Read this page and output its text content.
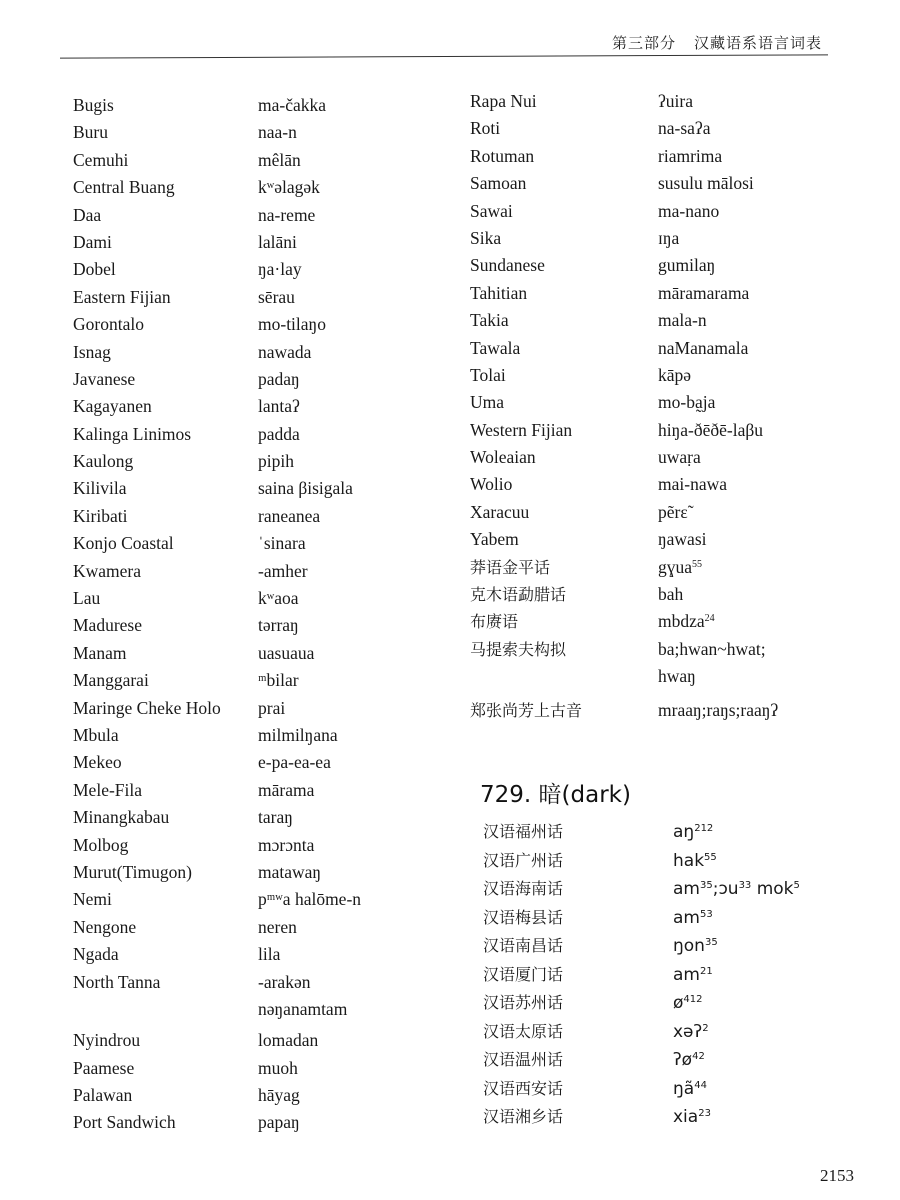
第三部分 汉藏语系语言词表
Bugis	ma-čakka
Buru	naa-n
Cemuhi	mêlān
Central Buang	kʷəlagək
Daa	na-reme
Dami	lalāni
Dobel	ŋa·lay
Eastern Fijian	sērau
Gorontalo	mo-tilaŋo
Isnag	nawada
Javanese	padaŋ
Kagayanen	lantaʔ
Kalinga Linimos	padda
Kaulong	pipih
Kilivila	saina βisigala
Kiribati	raneanea
Konjo Coastal	ˈsinara
Kwamera	-amher
Lau	kʷaoa
Madurese	tərraŋ
Manam	uasuaua
Manggarai	ᵐbilar
Maringe Cheke Holo prai
Mbula	milmilŋana
Mekeo	e-pa-ea-ea
Mele-Fila	mārama
Minangkabau	taraŋ
Molbog	mɔrɔnta
Murut(Timugon)	matawaŋ
Nemi	pᵐʷa halōme-n
Nengone	neren
Ngada	lila
North Tanna	-arakən
nəŋanamtam
Nyindrou	lomadan
Paamese	muoh
Palawan	hāyag
Port Sandwich	papaŋ
Rapa Nui	ʔuira
Roti	na-saʔa
Rotuman	riamrima
Samoan	susulu mālosi
Sawai	ma-nano
Sika	ɪŋa
Sundanese	gumilaŋ
Tahitian	māramarama
Takia	mala-n
Tawala	naManamala
Tolai	kāpə
Uma	mo-ba̰ja
Western Fijian	hiŋa-ðēðē-laβu
Woleaian	uwaṛa
Wolio	mai-nawa
Xaracuu	pẽrɛ̃
Yabem	ŋawasi
莽语金平话	gɣua$^{55}$
克木语勐腊话	bah
布赓语	mbdza$^{24}$
马提索夫构拟	ba;hwan~hwat;
hwaŋ
郑张尚芳上古音	mraaŋ;raŋs;raaŋʔ
729. 暗(dark)
汉语福州话	$aŋ^{212}$
汉语广州话	hak$^{55}$
汉语海南话	$am^{35};ɔu^{33}$ mok$^5$
汉语梅县话	$am^{53}$
汉语南昌话	ŋon$^{35}$
汉语厦门话	$am^{21}$
汉语苏州话	$ø^{412}$
汉语太原话	xəʔ$^2$
汉语温州话	ʔø$^{42}$
汉语西安话	$ŋã^{44}$
汉语湘乡话	xia$^{23}$
2153
